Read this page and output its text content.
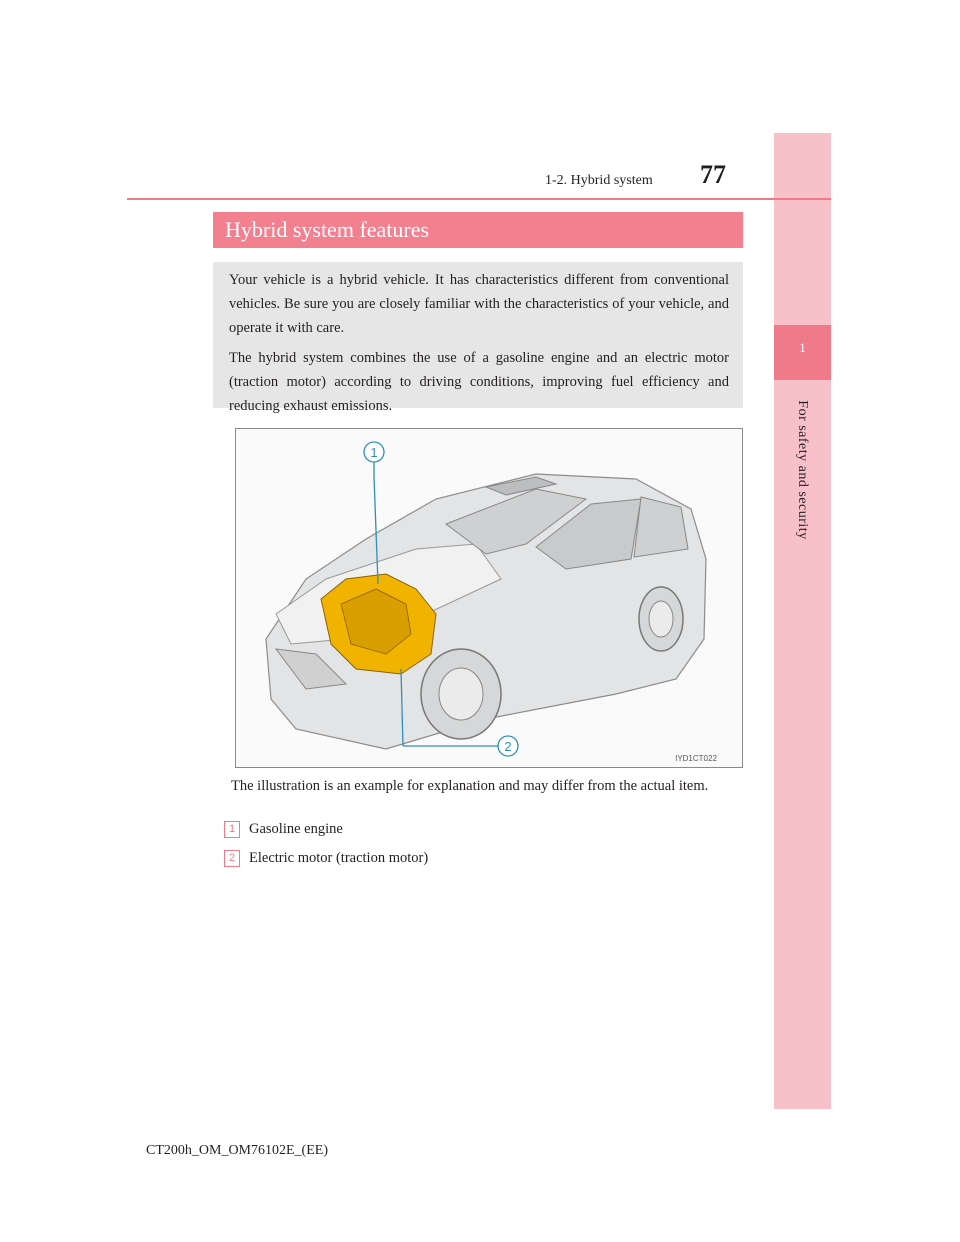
1
For safety and security
1-2. Hybrid system 77
Hybrid system features

Your vehicle is a hybrid vehicle. It has characteristics different from conventional vehicles. Be sure you are closely familiar with the characteristics of your vehicle, and operate it with care.

The hybrid system combines the use of a gasoline engine and an electric motor (traction motor) according to driving conditions, improving fuel efficiency and reducing exhaust emissions.

1
2
IYD1CT022
The illustration is an example for explanation and may differ from the actual item.
1 Gasoline engine
2 Electric motor (traction motor)
CT200h_OM_OM76102E_(EE)
